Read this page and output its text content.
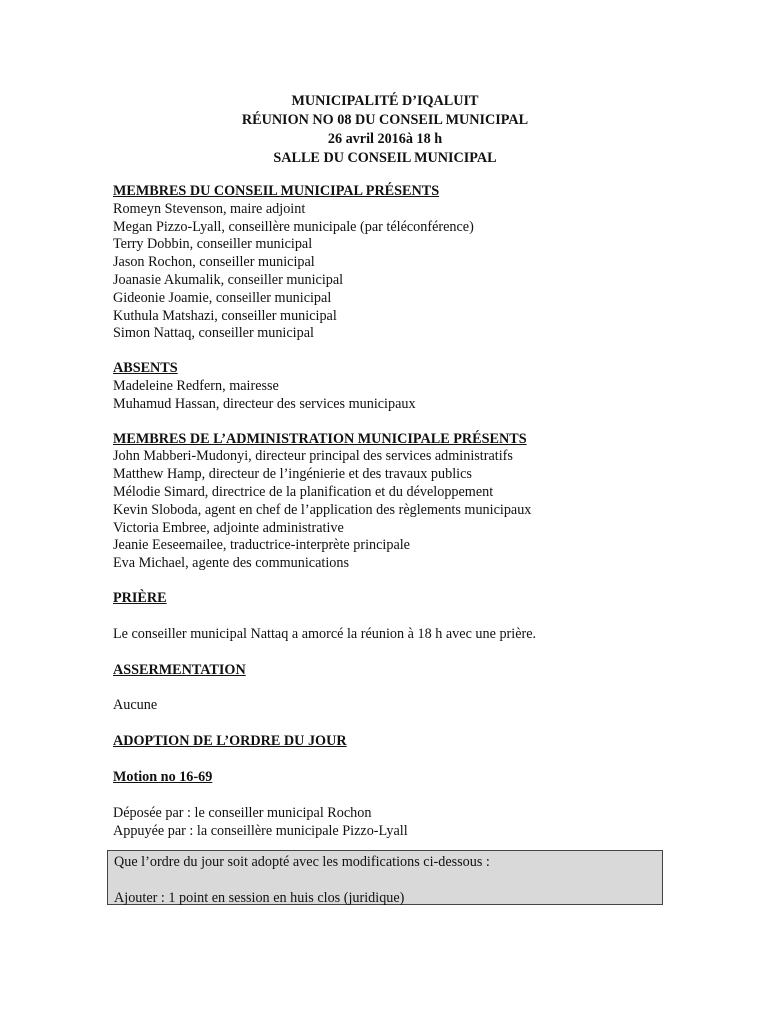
MUNICIPALITÉ D’IQALUIT
RÉUNION NO 08 DU CONSEIL MUNICIPAL
26 avril 2016à 18 h
SALLE DU CONSEIL MUNICIPAL
MEMBRES DU CONSEIL MUNICIPAL PRÉSENTS
Romeyn Stevenson, maire adjoint
Megan Pizzo-Lyall, conseillère municipale (par téléconférence)
Terry Dobbin, conseiller municipal
Jason Rochon, conseiller municipal
Joanasie Akumalik, conseiller municipal
Gideonie Joamie, conseiller municipal
Kuthula Matshazi, conseiller municipal
Simon Nattaq, conseiller municipal
ABSENTS
Madeleine Redfern, mairesse
Muhamud Hassan, directeur des services municipaux
MEMBRES DE L’ADMINISTRATION MUNICIPALE PRÉSENTS
John Mabberi-Mudonyi, directeur principal des services administratifs
Matthew Hamp, directeur de l’ingénierie et des travaux publics
Mélodie Simard, directrice de la planification et du développement
Kevin Sloboda, agent en chef de l’application des règlements municipaux
Victoria Embree, adjointe administrative
Jeanie Eeseemailee, traductrice-interprète principale
Eva Michael, agente des communications
PRIÈRE
Le conseiller municipal Nattaq a amorcé la réunion à 18 h avec une prière.
ASSERMENTATION
Aucune
ADOPTION DE L’ORDRE DU JOUR
Motion no 16-69
Déposée par : le conseiller municipal Rochon
Appuyée par : la conseillère municipale Pizzo-Lyall
Que l’ordre du jour soit adopté avec les modifications ci-dessous :
Ajouter : 1 point en session en huis clos (juridique)
